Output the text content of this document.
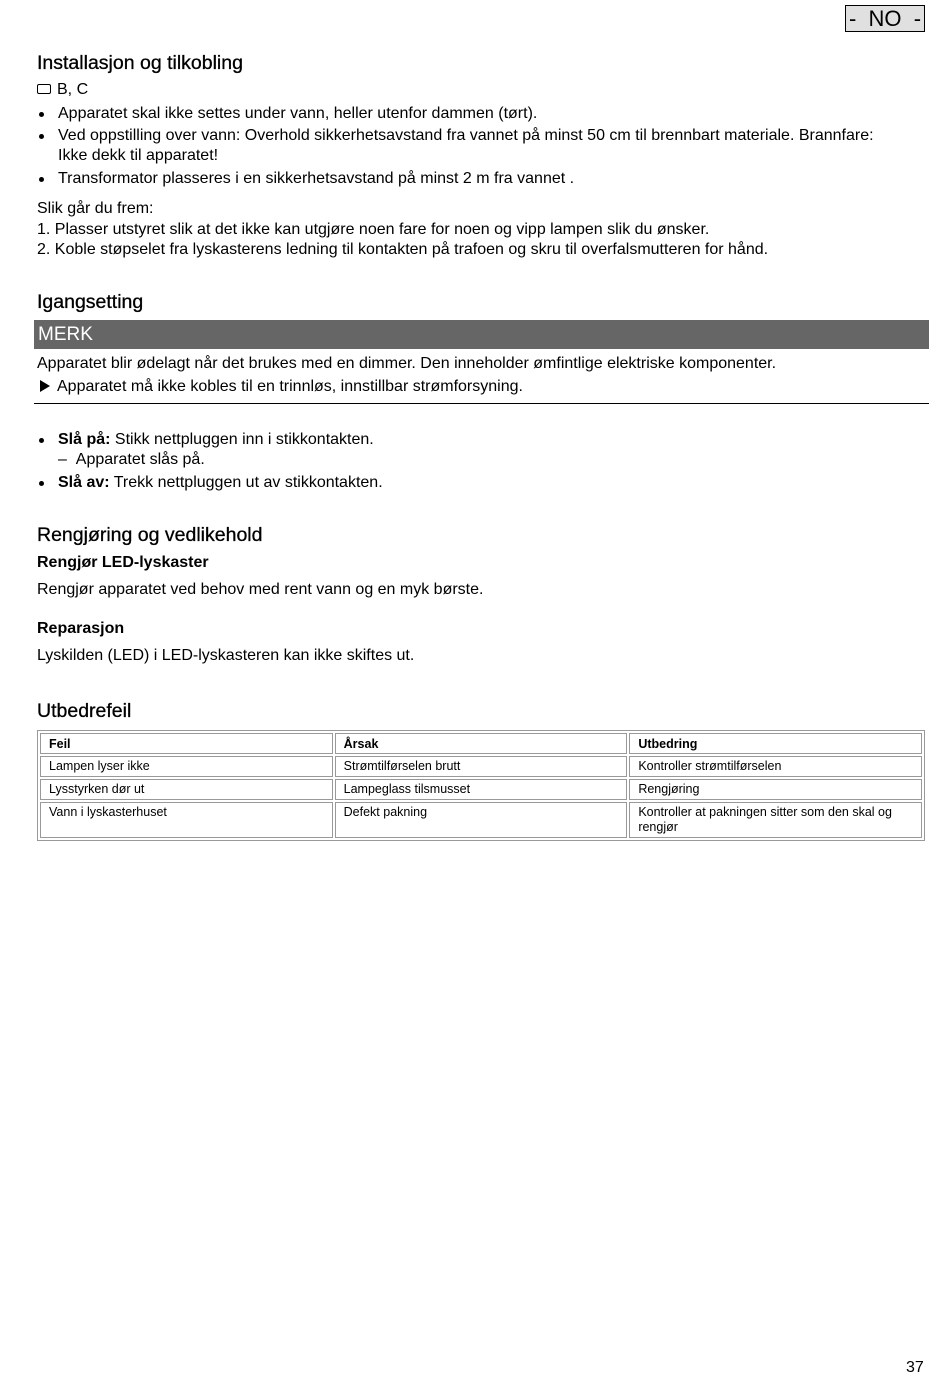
-  NO  -
Installasjon og tilkobling
B, C
Apparatet skal ikke settes under vann, heller utenfor dammen (tørt).
Ved oppstilling over vann: Overhold sikkerhetsavstand fra vannet på minst 50 cm til brennbart materiale. Brannfare:
Ikke dekk til apparatet!
Transformator plasseres i en sikkerhetsavstand på minst 2 m fra vannet .
Slik går du frem:
1. Plasser utstyret slik at det ikke kan utgjøre noen fare for noen og vipp lampen slik du ønsker.
2. Koble støpselet fra lyskasterens ledning til kontakten på trafoen og skru til overfalsmutteren for hånd.
Igangsetting
MERK
Apparatet blir ødelagt når det brukes med en dimmer. Den inneholder ømfintlige elektriske komponenter.
Apparatet må ikke kobles til en trinnløs, innstillbar strømforsyning.
Slå på: Stikk nettpluggen inn i stikkontakten.
– Apparatet slås på.
Slå av: Trekk nettpluggen ut av stikkontakten.
Rengjøring og vedlikehold
Rengjør LED-lyskaster
Rengjør apparatet ved behov med rent vann og en myk børste.
Reparasjon
Lyskilden (LED) i LED-lyskasteren kan ikke skiftes ut.
Utbedrefeil
Feil	Årsak	Utbedring
Lampen lyser ikke	Strømtilførselen brutt	Kontroller strømtilførselen
Lysstyrken dør ut	Lampeglass tilsmusset	Rengjøring
Vann i lyskasterhuset	Defekt pakning	Kontroller at pakningen sitter som den skal og rengjør
37
